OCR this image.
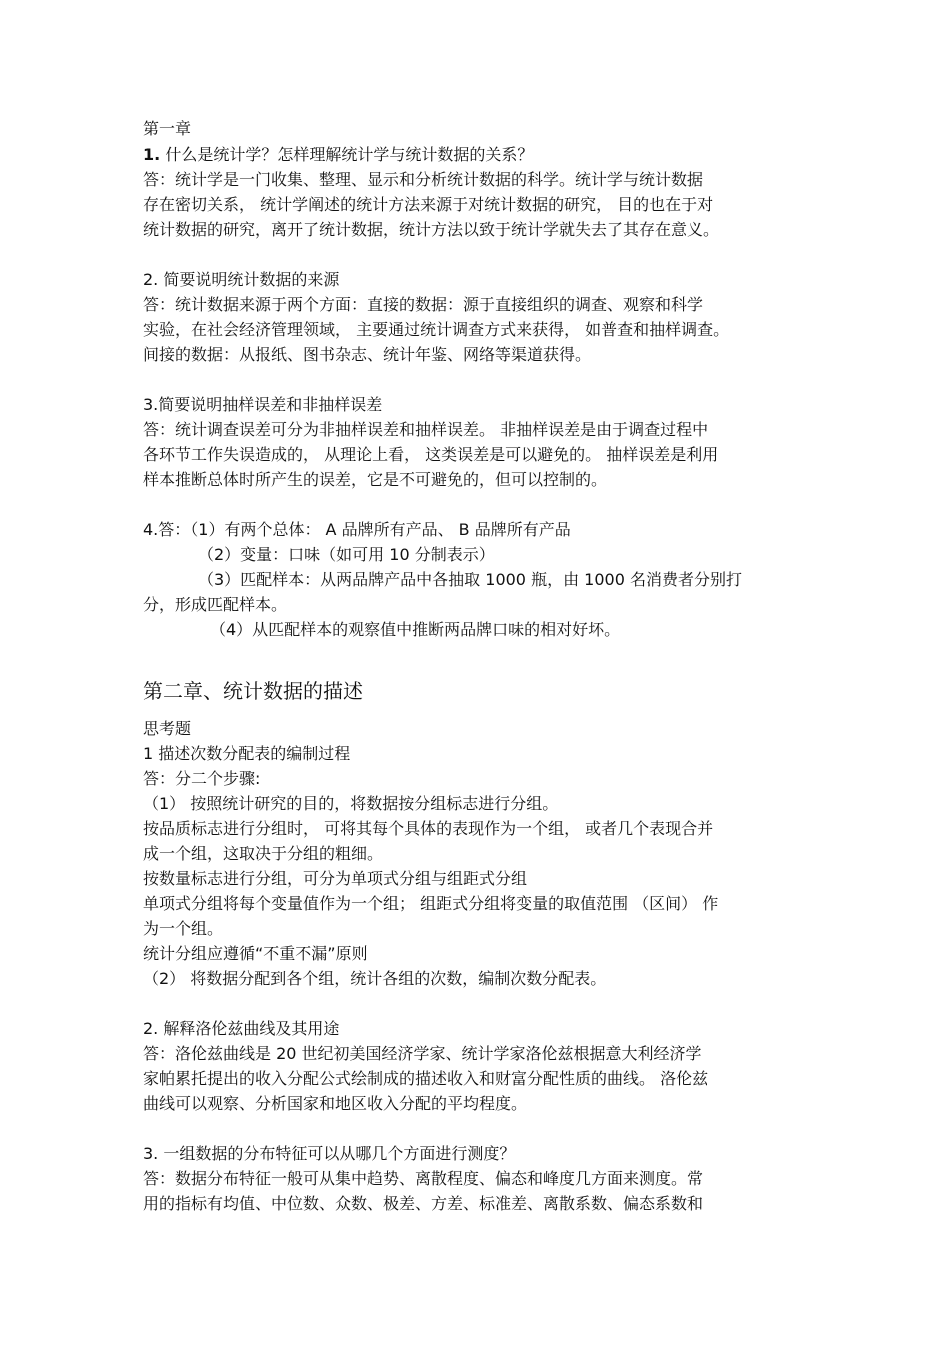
第一章
1. 什么是统计学？怎样理解统计学与统计数据的关系？
答：统计学是一门收集、整理、显示和分析统计数据的科学。统计学与统计数据
存在密切关系， 统计学阐述的统计方法来源于对统计数据的研究， 目的也在于对
统计数据的研究，离开了统计数据，统计方法以致于统计学就失去了其存在意义。
2. 简要说明统计数据的来源
答：统计数据来源于两个方面：直接的数据：源于直接组织的调查、观察和科学
实验，在社会经济管理领域， 主要通过统计调查方式来获得， 如普查和抽样调查。
间接的数据：从报纸、图书杂志、统计年鉴、网络等渠道获得。
3.简要说明抽样误差和非抽样误差
答：统计调查误差可分为非抽样误差和抽样误差。 非抽样误差是由于调查过程中
各环节工作失误造成的， 从理论上看， 这类误差是可以避免的。 抽样误差是利用
样本推断总体时所产生的误差，它是不可避免的，但可以控制的。
4.答：（1）有两个总体： A 品牌所有产品、 B 品牌所有产品
（2）变量：口味（如可用 10 分制表示）
（3）匹配样本：从两品牌产品中各抽取 1000 瓶，由 1000 名消费者分别打
分，形成匹配样本。
（4）从匹配样本的观察值中推断两品牌口味的相对好坏。
第二章、统计数据的描述
思考题
1 描述次数分配表的编制过程
答：分二个步骤:
（1） 按照统计研究的目的，将数据按分组标志进行分组。
按品质标志进行分组时， 可将其每个具体的表现作为一个组， 或者几个表现合并
成一个组，这取决于分组的粗细。
按数量标志进行分组，可分为单项式分组与组距式分组
单项式分组将每个变量值作为一个组； 组距式分组将变量的取值范围 （区间） 作
为一个组。
统计分组应遵循“不重不漏”原则
（2） 将数据分配到各个组，统计各组的次数，编制次数分配表。
2. 解释洛伦兹曲线及其用途
答：洛伦兹曲线是 20 世纪初美国经济学家、统计学家洛伦兹根据意大利经济学
家帕累托提出的收入分配公式绘制成的描述收入和财富分配性质的曲线。 洛伦兹
曲线可以观察、分析国家和地区收入分配的平均程度。
3. 一组数据的分布特征可以从哪几个方面进行测度？
答：数据分布特征一般可从集中趋势、离散程度、偏态和峰度几方面来测度。常
用的指标有均值、中位数、众数、极差、方差、标准差、离散系数、偏态系数和
